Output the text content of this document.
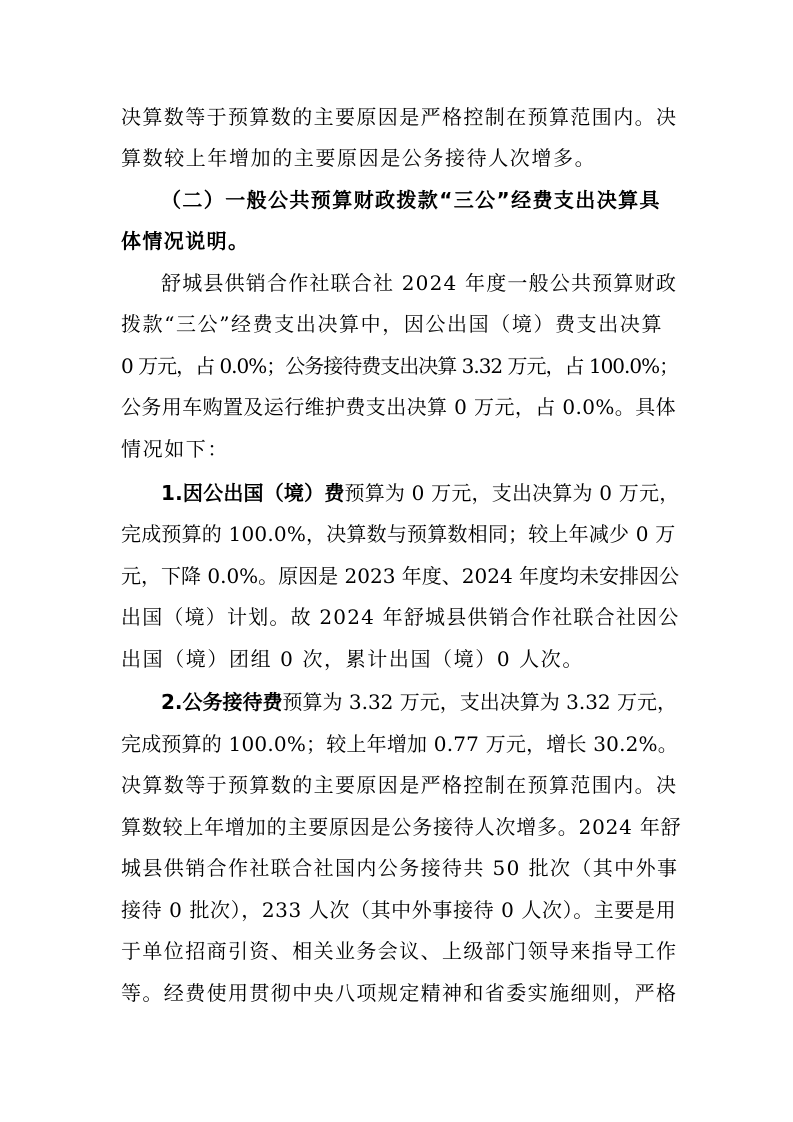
决算数等于预算数的主要原因是严格控制在预算范围内。决
算数较上年增加的主要原因是公务接待人次增多。
（二）一般公共预算财政拨款“三公”经费支出决算具
体情况说明。
舒城县供销合作社联合社 2024 年度一般公共预算财政
拨款“三公”经费支出决算中，因公出国（境）费支出决算
0 万元，占 0.0%；公务接待费支出决算 3.32 万元，占 100.0%；
公务用车购置及运行维护费支出决算 0 万元，占 0.0%。具体
情况如下：
1.因公出国（境）费预算为 0 万元，支出决算为 0 万元，
完成预算的 100.0%，决算数与预算数相同；较上年减少 0 万
元，下降 0.0%。原因是 2023 年度、2024 年度均未安排因公
出国（境）计划。故 2024 年舒城县供销合作社联合社因公
出国（境）团组 0 次，累计出国（境）0 人次。
2.公务接待费预算为 3.32 万元，支出决算为 3.32 万元，
完成预算的 100.0%；较上年增加 0.77 万元，增长 30.2%。
决算数等于预算数的主要原因是严格控制在预算范围内。决
算数较上年增加的主要原因是公务接待人次增多。2024 年舒
城县供销合作社联合社国内公务接待共 50 批次（其中外事
接待 0 批次），233 人次（其中外事接待 0 人次）。主要是用
于单位招商引资、相关业务会议、上级部门领导来指导工作
等。经费使用贯彻中央八项规定精神和省委实施细则，严格
